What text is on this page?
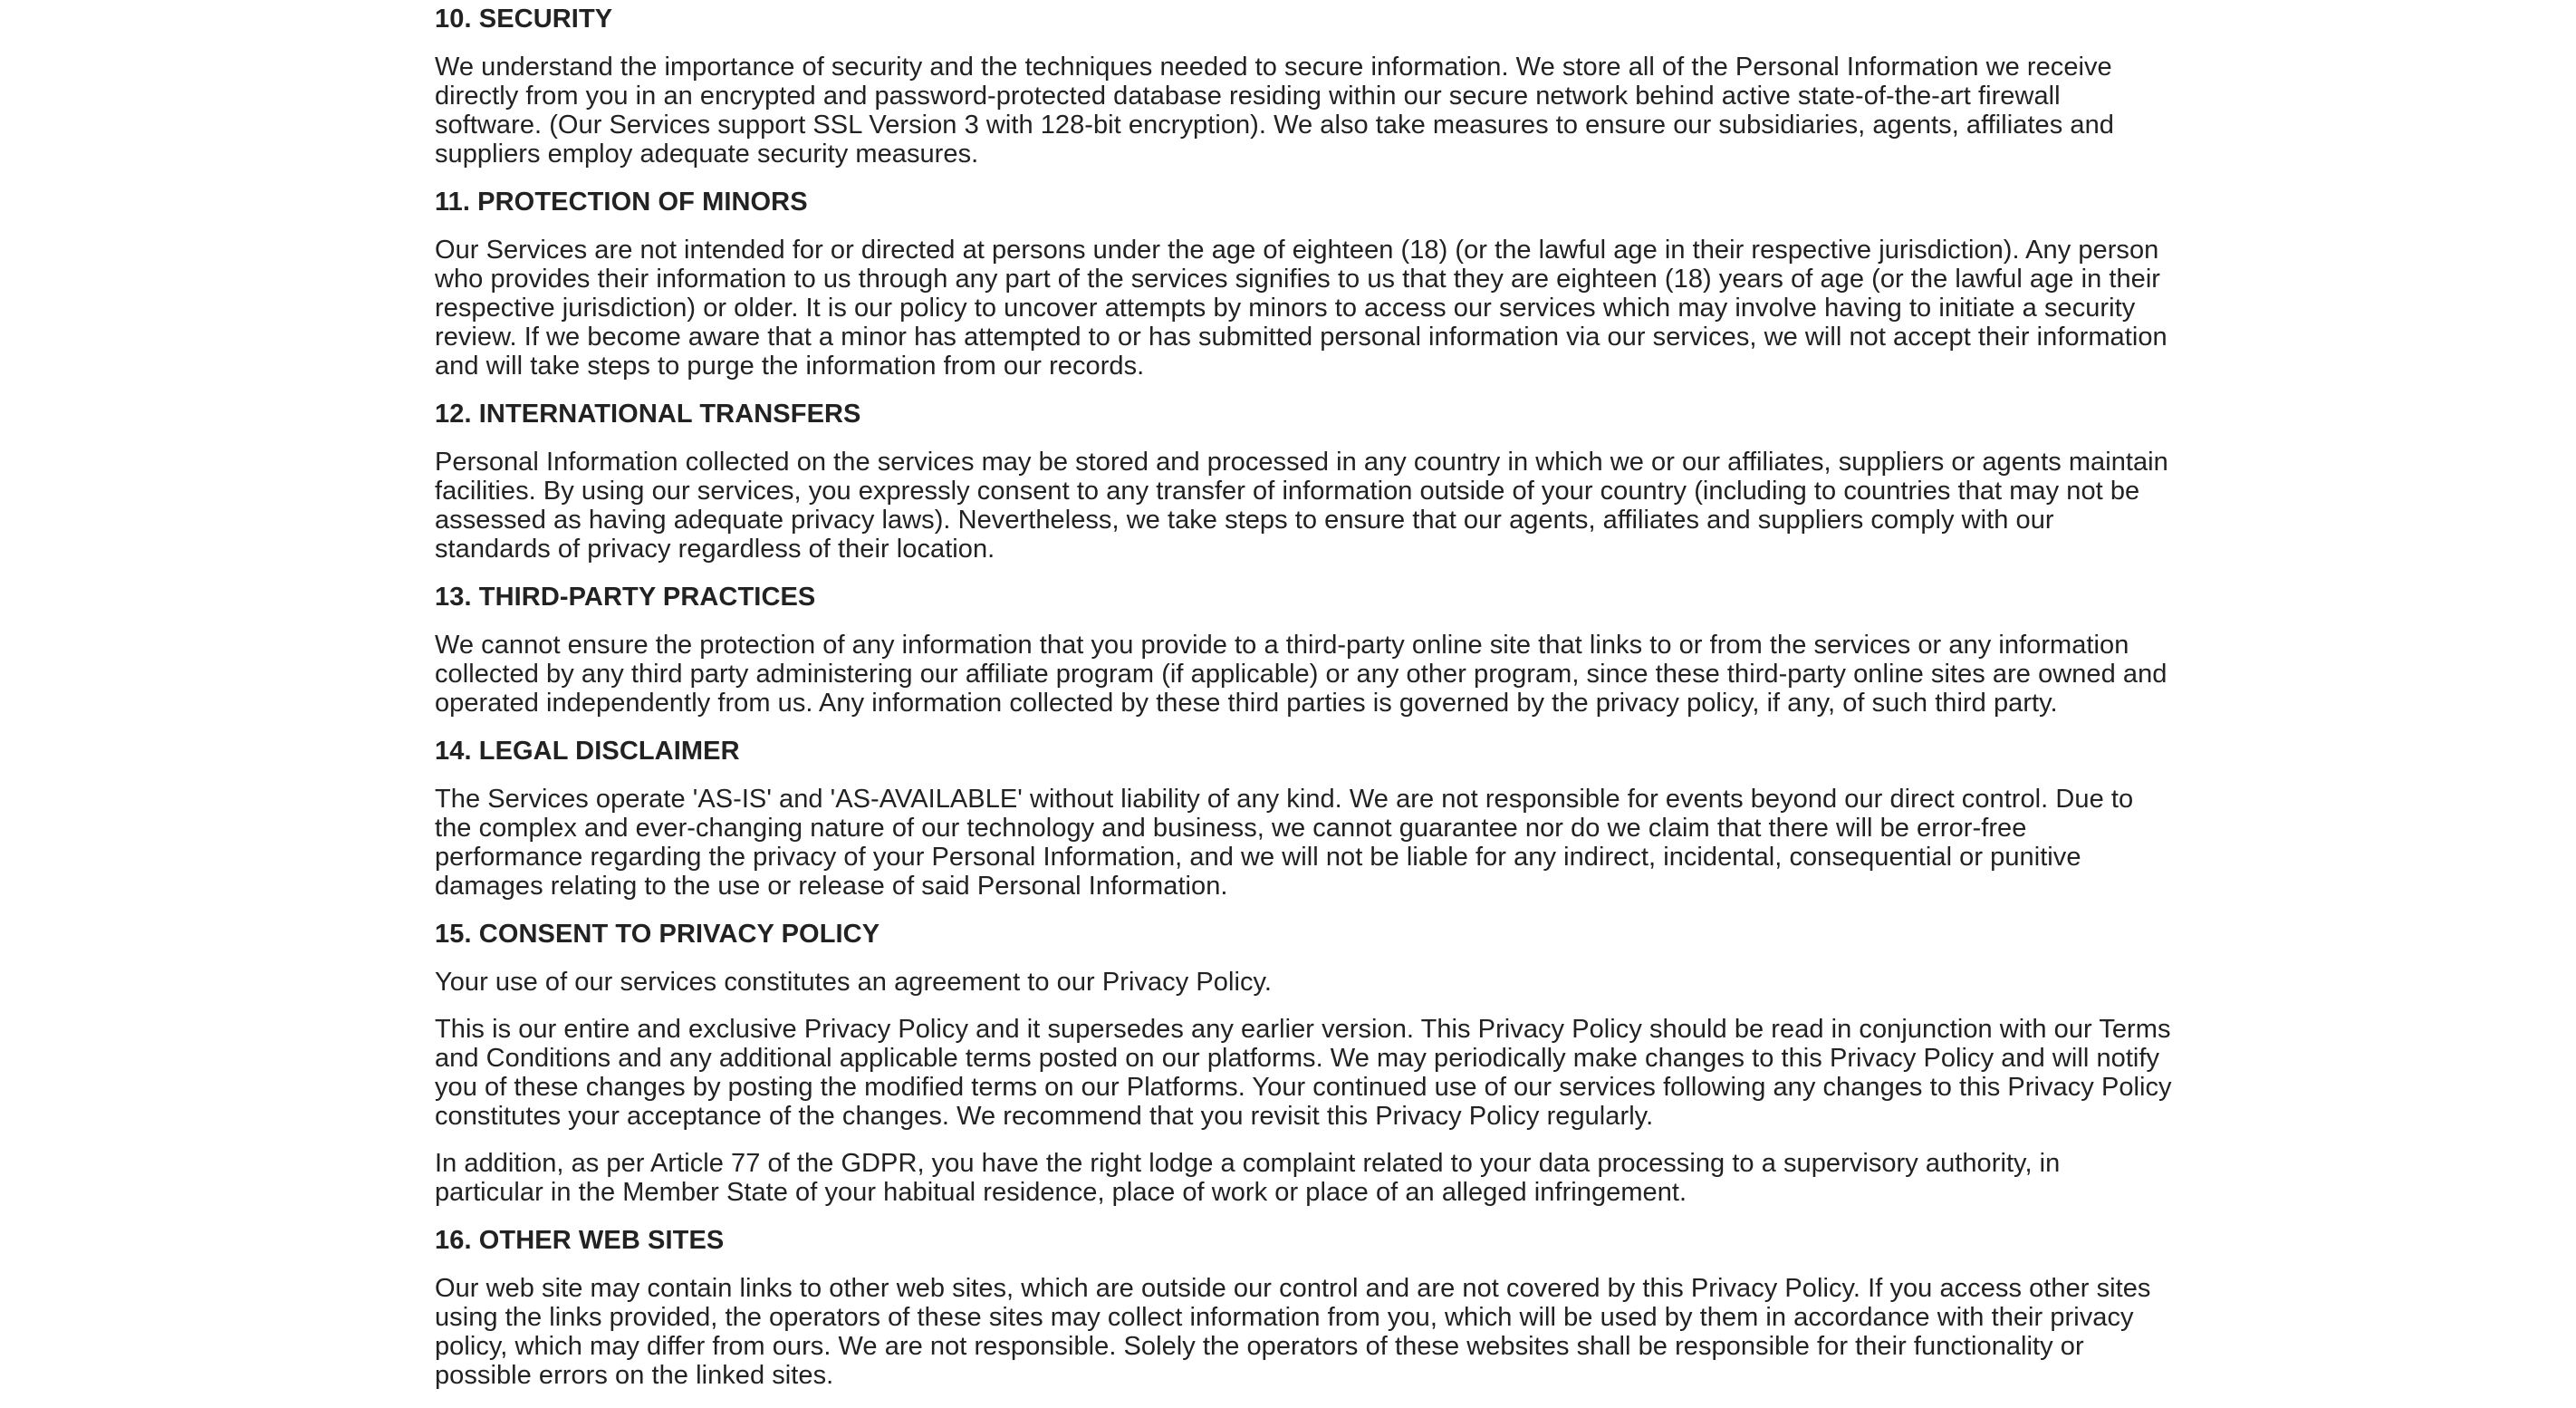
10. SECURITY

We understand the importance of security and the techniques needed to secure information. We store all of the Personal Information we receive directly from you in an encrypted and password-protected database residing within our secure network behind active state-of-the-art firewall software. (Our Services support SSL Version 3 with 128-bit encryption). We also take measures to ensure our subsidiaries, agents, affiliates and suppliers employ adequate security measures.

11. PROTECTION OF MINORS

Our Services are not intended for or directed at persons under the age of eighteen (18) (or the lawful age in their respective jurisdiction). Any person who provides their information to us through any part of the services signifies to us that they are eighteen (18) years of age (or the lawful age in their respective jurisdiction) or older. It is our policy to uncover attempts by minors to access our services which may involve having to initiate a security review. If we become aware that a minor has attempted to or has submitted personal information via our services, we will not accept their information and will take steps to purge the information from our records.

12. INTERNATIONAL TRANSFERS

Personal Information collected on the services may be stored and processed in any country in which we or our affiliates, suppliers or agents maintain facilities. By using our services, you expressly consent to any transfer of information outside of your country (including to countries that may not be assessed as having adequate privacy laws). Nevertheless, we take steps to ensure that our agents, affiliates and suppliers comply with our standards of privacy regardless of their location.

13. THIRD-PARTY PRACTICES

We cannot ensure the protection of any information that you provide to a third-party online site that links to or from the services or any information collected by any third party administering our affiliate program (if applicable) or any other program, since these third-party online sites are owned and operated independently from us. Any information collected by these third parties is governed by the privacy policy, if any, of such third party.

14. LEGAL DISCLAIMER

The Services operate 'AS-IS' and 'AS-AVAILABLE' without liability of any kind. We are not responsible for events beyond our direct control. Due to the complex and ever-changing nature of our technology and business, we cannot guarantee nor do we claim that there will be error-free performance regarding the privacy of your Personal Information, and we will not be liable for any indirect, incidental, consequential or punitive damages relating to the use or release of said Personal Information.

15. CONSENT TO PRIVACY POLICY

Your use of our services constitutes an agreement to our Privacy Policy.

This is our entire and exclusive Privacy Policy and it supersedes any earlier version. This Privacy Policy should be read in conjunction with our Terms and Conditions and any additional applicable terms posted on our platforms. We may periodically make changes to this Privacy Policy and will notify you of these changes by posting the modified terms on our Platforms. Your continued use of our services following any changes to this Privacy Policy constitutes your acceptance of the changes. We recommend that you revisit this Privacy Policy regularly.

In addition, as per Article 77 of the GDPR, you have the right lodge a complaint related to your data processing to a supervisory authority, in particular in the Member State of your habitual residence, place of work or place of an alleged infringement.

16. OTHER WEB SITES

Our web site may contain links to other web sites, which are outside our control and are not covered by this Privacy Policy. If you access other sites using the links provided, the operators of these sites may collect information from you, which will be used by them in accordance with their privacy policy, which may differ from ours. We are not responsible. Solely the operators of these websites shall be responsible for their functionality or possible errors on the linked sites.
